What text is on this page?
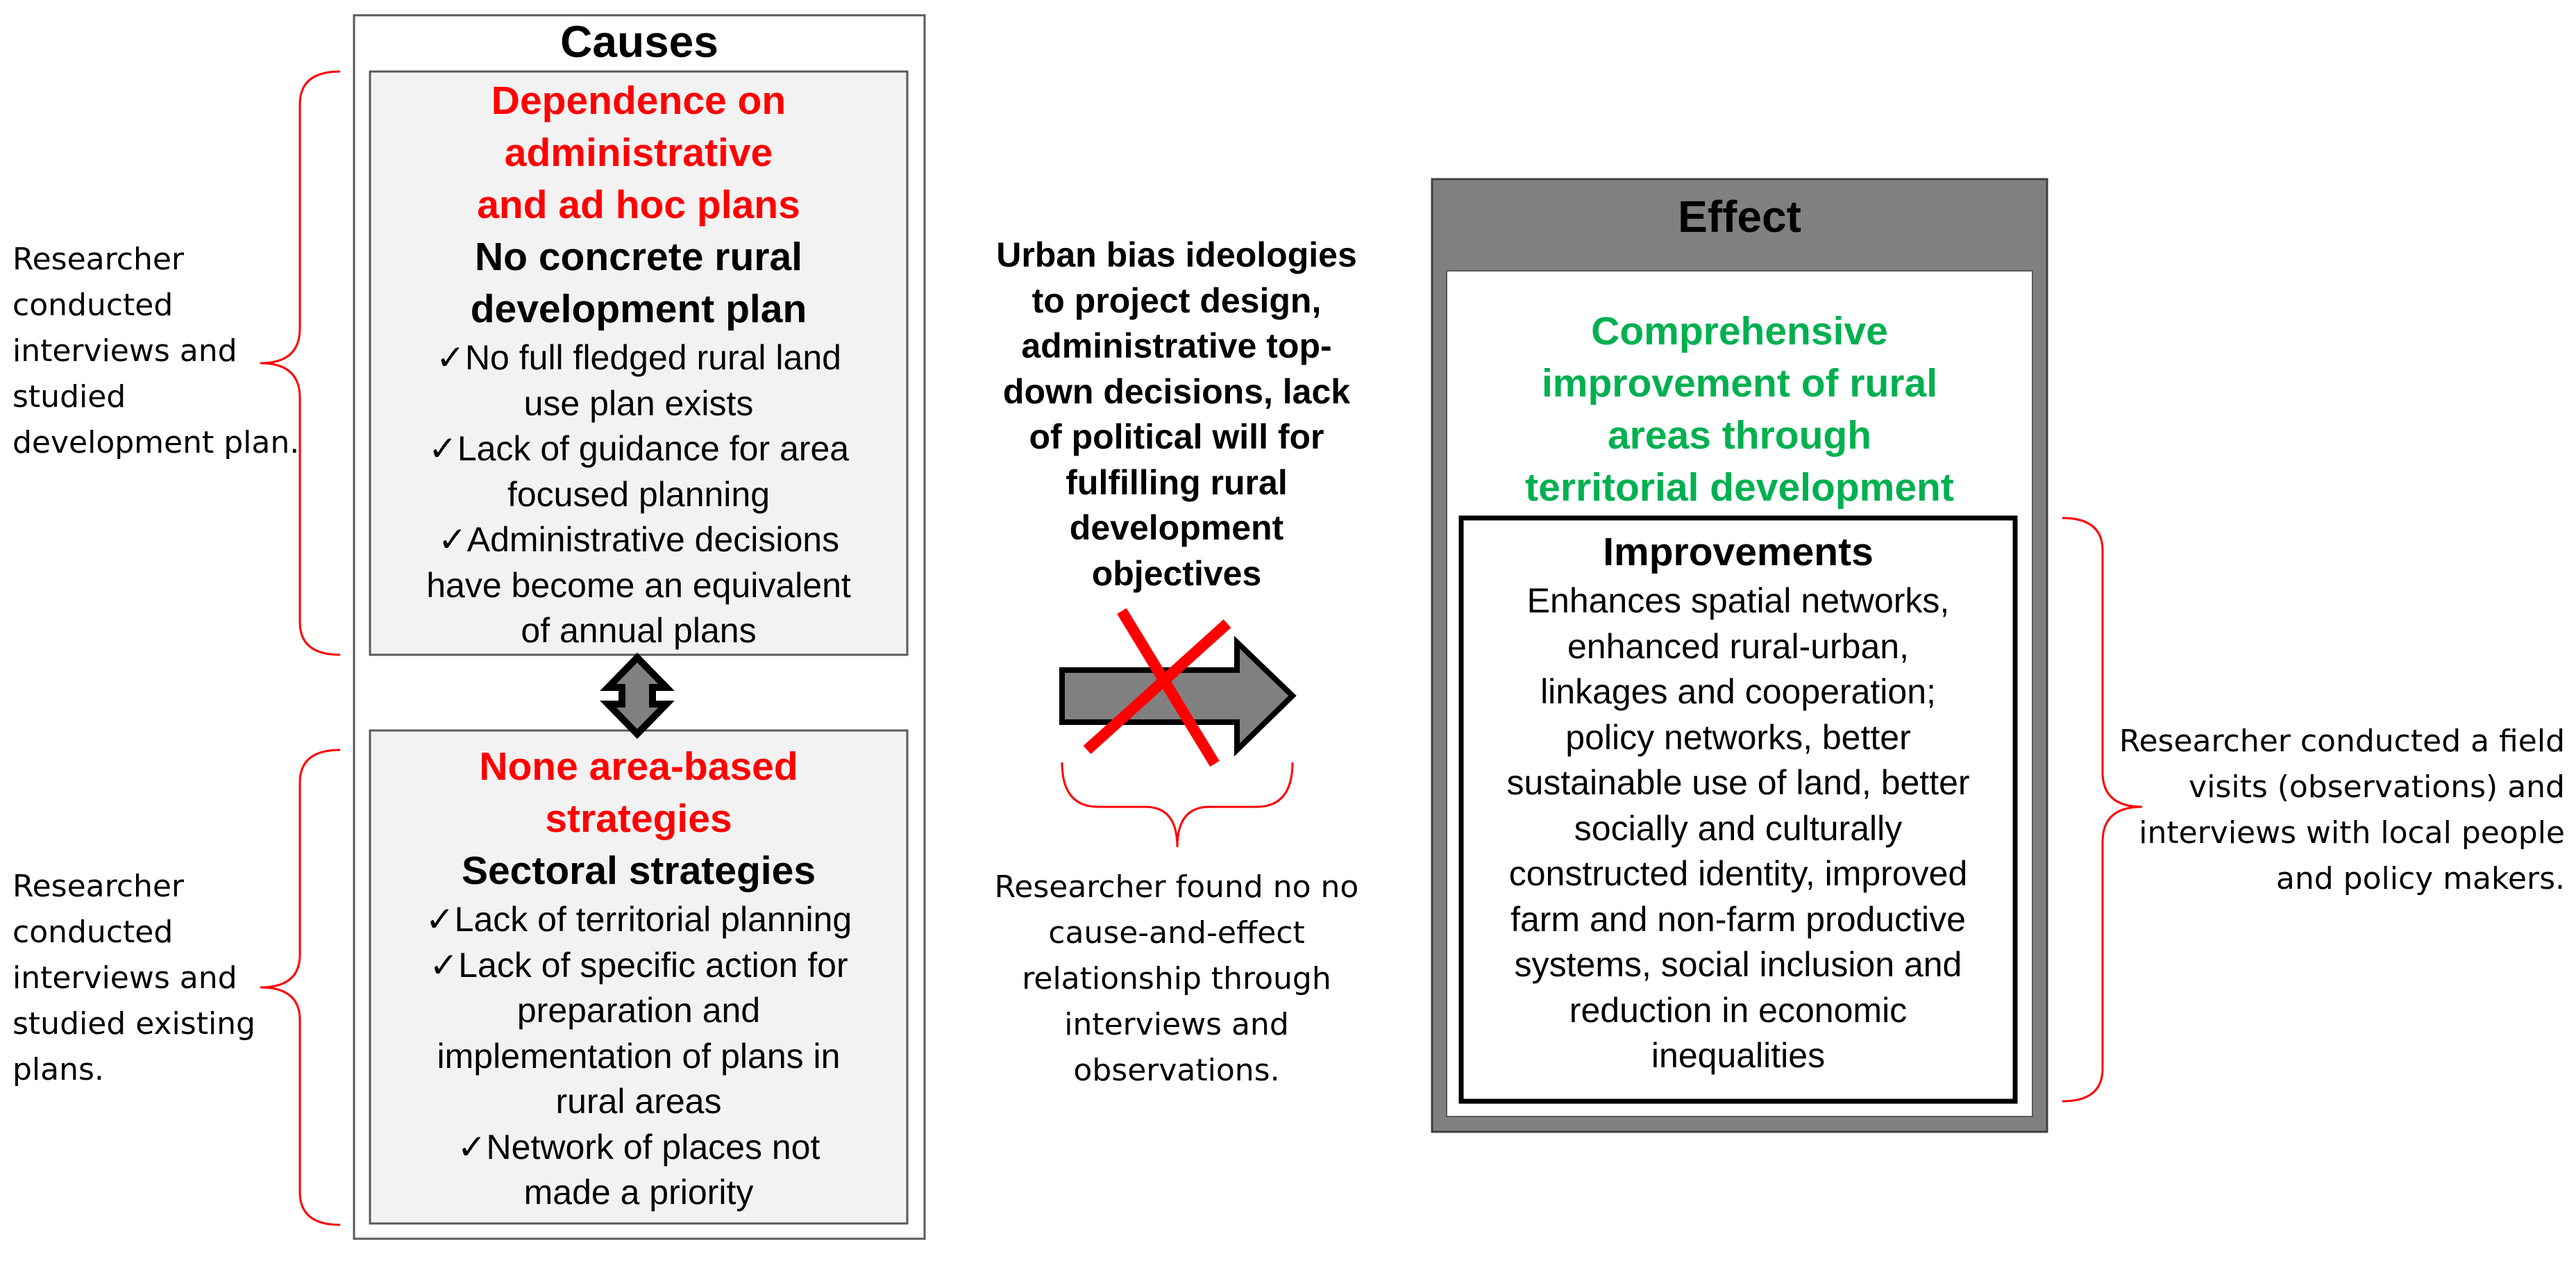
Causes
Dependence on
administrative
and ad hoc plans
No concrete rural
development plan
✓No full fledged rural land
use plan exists
✓Lack of guidance for area
focused planning
✓Administrative decisions
have become an equivalent
of annual plans
None area-based
strategies
Sectoral strategies
✓Lack of territorial planning
✓Lack of specific action for
preparation and
implementation of plans in
rural areas
✓Network of places not
made a priority
Researcher
conducted
interviews and
studied
development plan.
Researcher
conducted
interviews and
studied existing
plans.
Urban bias ideologies
to project design,
administrative top-
down decisions, lack
of political will for
fulfilling rural
development
objectives
Researcher found no no
cause-and-effect
relationship through
interviews and
observations.
Effect
Comprehensive
improvement of rural
areas through
territorial development
Improvements
Enhances spatial networks,
enhanced rural-urban,
linkages and cooperation;
policy networks, better
sustainable use of land, better
socially and culturally
constructed identity, improved
farm and non-farm productive
systems, social inclusion and
reduction in economic
inequalities
Researcher conducted a field
visits (observations) and
interviews with local people
and policy makers.
